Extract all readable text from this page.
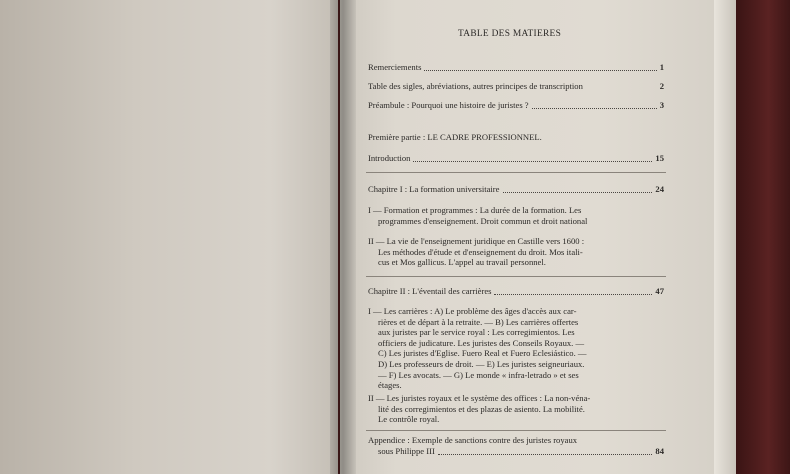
TABLE DES MATIERES
Remerciements	1
Table des sigles, abréviations, autres principes de transcription	2
Préambule : Pourquoi une histoire de juristes ?	3
Première partie : LE CADRE PROFESSIONNEL.
Introduction	15
Chapitre I : La formation universitaire	24
I — Formation et programmes : La durée de la formation. Les
programmes d'enseignement. Droit commun et droit national
II — La vie de l'enseignement juridique en Castille vers 1600 :
Les méthodes d'étude et d'enseignement du droit. Mos itali-
cus et Mos gallicus. L'appel au travail personnel.
Chapitre II : L'éventail des carrières	47
I — Les carrières : A) Le problème des âges d'accès aux car-
rières et de départ à la retraite. — B) Les carrières offertes
aux juristes par le service royal : Les corregimientos. Les
officiers de judicature. Les juristes des Conseils Royaux. —
C) Les juristes d'Eglise. Fuero Real et Fuero Eclesiástico. —
D) Les professeurs de droit. — E) Les juristes seigneuriaux.
— F) Les avocats. — G) Le monde « infra-letrado » et ses
étages.
II — Les juristes royaux et le système des offices : La non-véna-
lité des corregimientos et des plazas de asiento. La mobilité.
Le contrôle royal.
Appendice : Exemple de sanctions contre des juristes royaux
sous Philippe III	84
